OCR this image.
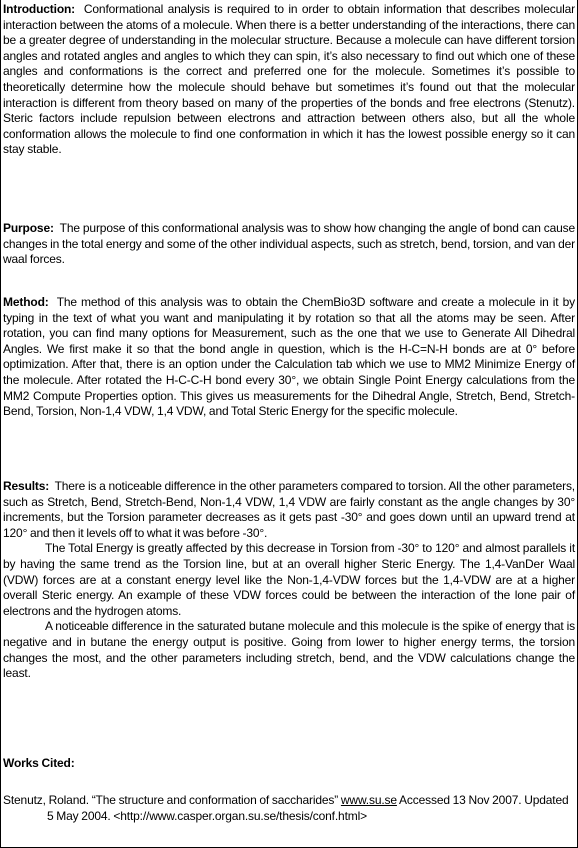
Introduction: Conformational analysis is required to in order to obtain information that describes molecular interaction between the atoms of a molecule. When there is a better understanding of the interactions, there can be a greater degree of understanding in the molecular structure. Because a molecule can have different torsion angles and rotated angles and angles to which they can spin, it’s also necessary to find out which one of these angles and conformations is the correct and preferred one for the molecule. Sometimes it’s possible to theoretically determine how the molecule should behave but sometimes it’s found out that the molecular interaction is different from theory based on many of the properties of the bonds and free electrons (Stenutz). Steric factors include repulsion between electrons and attraction between others also, but all the whole conformation allows the molecule to find one conformation in which it has the lowest possible energy so it can stay stable.

Purpose: The purpose of this conformational analysis was to show how changing the angle of bond can cause changes in the total energy and some of the other individual aspects, such as stretch, bend, torsion, and van der waal forces.

Method: The method of this analysis was to obtain the ChemBio3D software and create a molecule in it by typing in the text of what you want and manipulating it by rotation so that all the atoms may be seen. After rotation, you can find many options for Measurement, such as the one that we use to Generate All Dihedral Angles. We first make it so that the bond angle in question, which is the H-C=N-H bonds are at 0° before optimization. After that, there is an option under the Calculation tab which we use to MM2 Minimize Energy of the molecule. After rotated the H-C-C-H bond every 30°, we obtain Single Point Energy calculations from the MM2 Compute Properties option. This gives us measurements for the Dihedral Angle, Stretch, Bend, Stretch-Bend, Torsion, Non-1,4 VDW, 1,4 VDW, and Total Steric Energy for the specific molecule.

Results: There is a noticeable difference in the other parameters compared to torsion. All the other parameters, such as Stretch, Bend, Stretch-Bend, Non-1,4 VDW, 1,4 VDW are fairly constant as the angle changes by 30° increments, but the Torsion parameter decreases as it gets past -30° and goes down until an upward trend at 120° and then it levels off to what it was before -30°.

The Total Energy is greatly affected by this decrease in Torsion from -30° to 120° and almost parallels it by having the same trend as the Torsion line, but at an overall higher Steric Energy. The 1,4-VanDer Waal (VDW) forces are at a constant energy level like the Non-1,4-VDW forces but the 1,4-VDW are at a higher overall Steric energy. An example of these VDW forces could be between the interaction of the lone pair of electrons and the hydrogen atoms.

A noticeable difference in the saturated butane molecule and this molecule is the spike of energy that is negative and in butane the energy output is positive. Going from lower to higher energy terms, the torsion changes the most, and the other parameters including stretch, bend, and the VDW calculations change the least.

Works Cited:

Stenutz, Roland. “The structure and conformation of saccharides” www.su.se Accessed 13 Nov 2007. Updated 5 May 2004. <http://www.casper.organ.su.se/thesis/conf.html>
